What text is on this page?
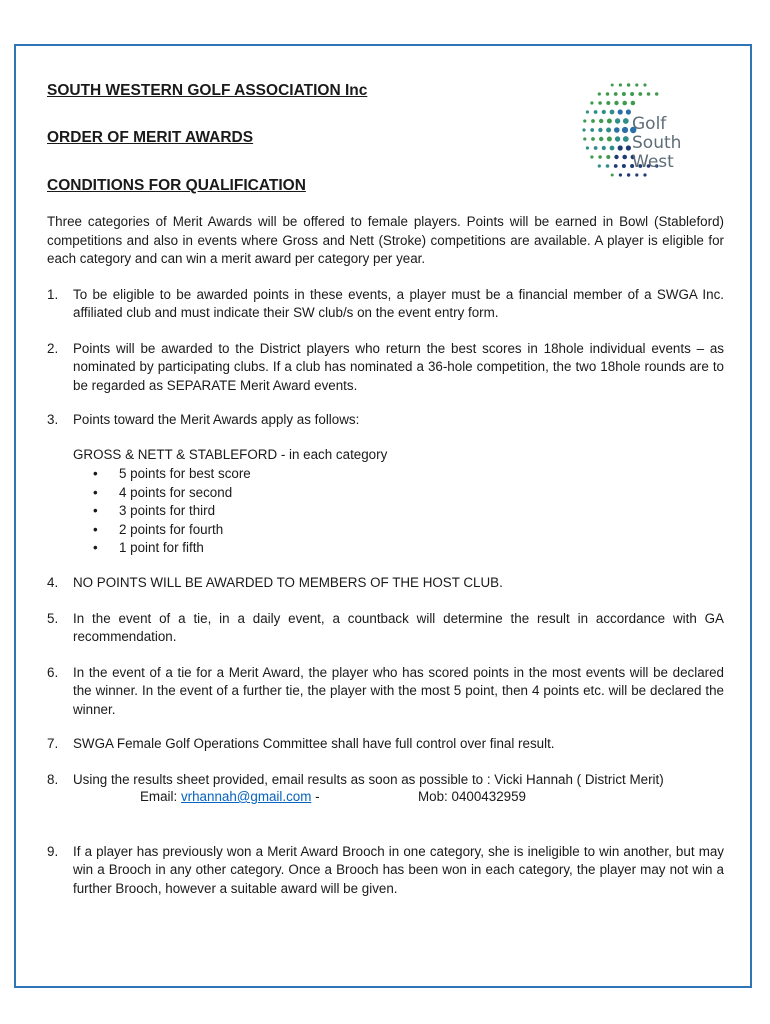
Golf
South
West
SOUTH WESTERN GOLF ASSOCIATION Inc
ORDER OF MERIT AWARDS
CONDITIONS FOR QUALIFICATION
Three categories of Merit Awards will be offered to female players. Points will be earned in Bowl (Stableford) competitions and also in events where Gross and Nett (Stroke) competitions are available. A player is eligible for each category and can win a merit award per category per year.
1.	To be eligible to be awarded points in these events, a player must be a financial member of a SWGA Inc. affiliated club and must indicate their SW club/s on the event entry form.
2.	Points will be awarded to the District players who return the best scores in 18hole individual events – as nominated by participating clubs. If a club has nominated a 36-hole competition, the two 18hole rounds are to be regarded as SEPARATE Merit Award events.
3.	Points toward the Merit Awards apply as follows:
GROSS & NETT & STABLEFORD - in each category
• 5 points for best score
• 4 points for second
• 3 points for third
• 2 points for fourth
• 1 point for fifth
4.	NO POINTS WILL BE AWARDED TO MEMBERS OF THE HOST CLUB.
5.	In the event of a tie, in a daily event, a countback will determine the result in accordance with GA recommendation.
6.	In the event of a tie for a Merit Award, the player who has scored points in the most events will be declared the winner. In the event of a further tie, the player with the most 5 point, then 4 points etc. will be declared the winner.
7.	SWGA Female Golf Operations Committee shall have full control over final result.
8.	Using the results sheet provided, email results as soon as possible to : Vicki Hannah ( District Merit)
Email: vrhannah@gmail.com -	Mob: 0400432959
9.	If a player has previously won a Merit Award Brooch in one category, she is ineligible to win another, but may win a Brooch in any other category. Once a Brooch has been won in each category, the player may not win a further Brooch, however a suitable award will be given.
